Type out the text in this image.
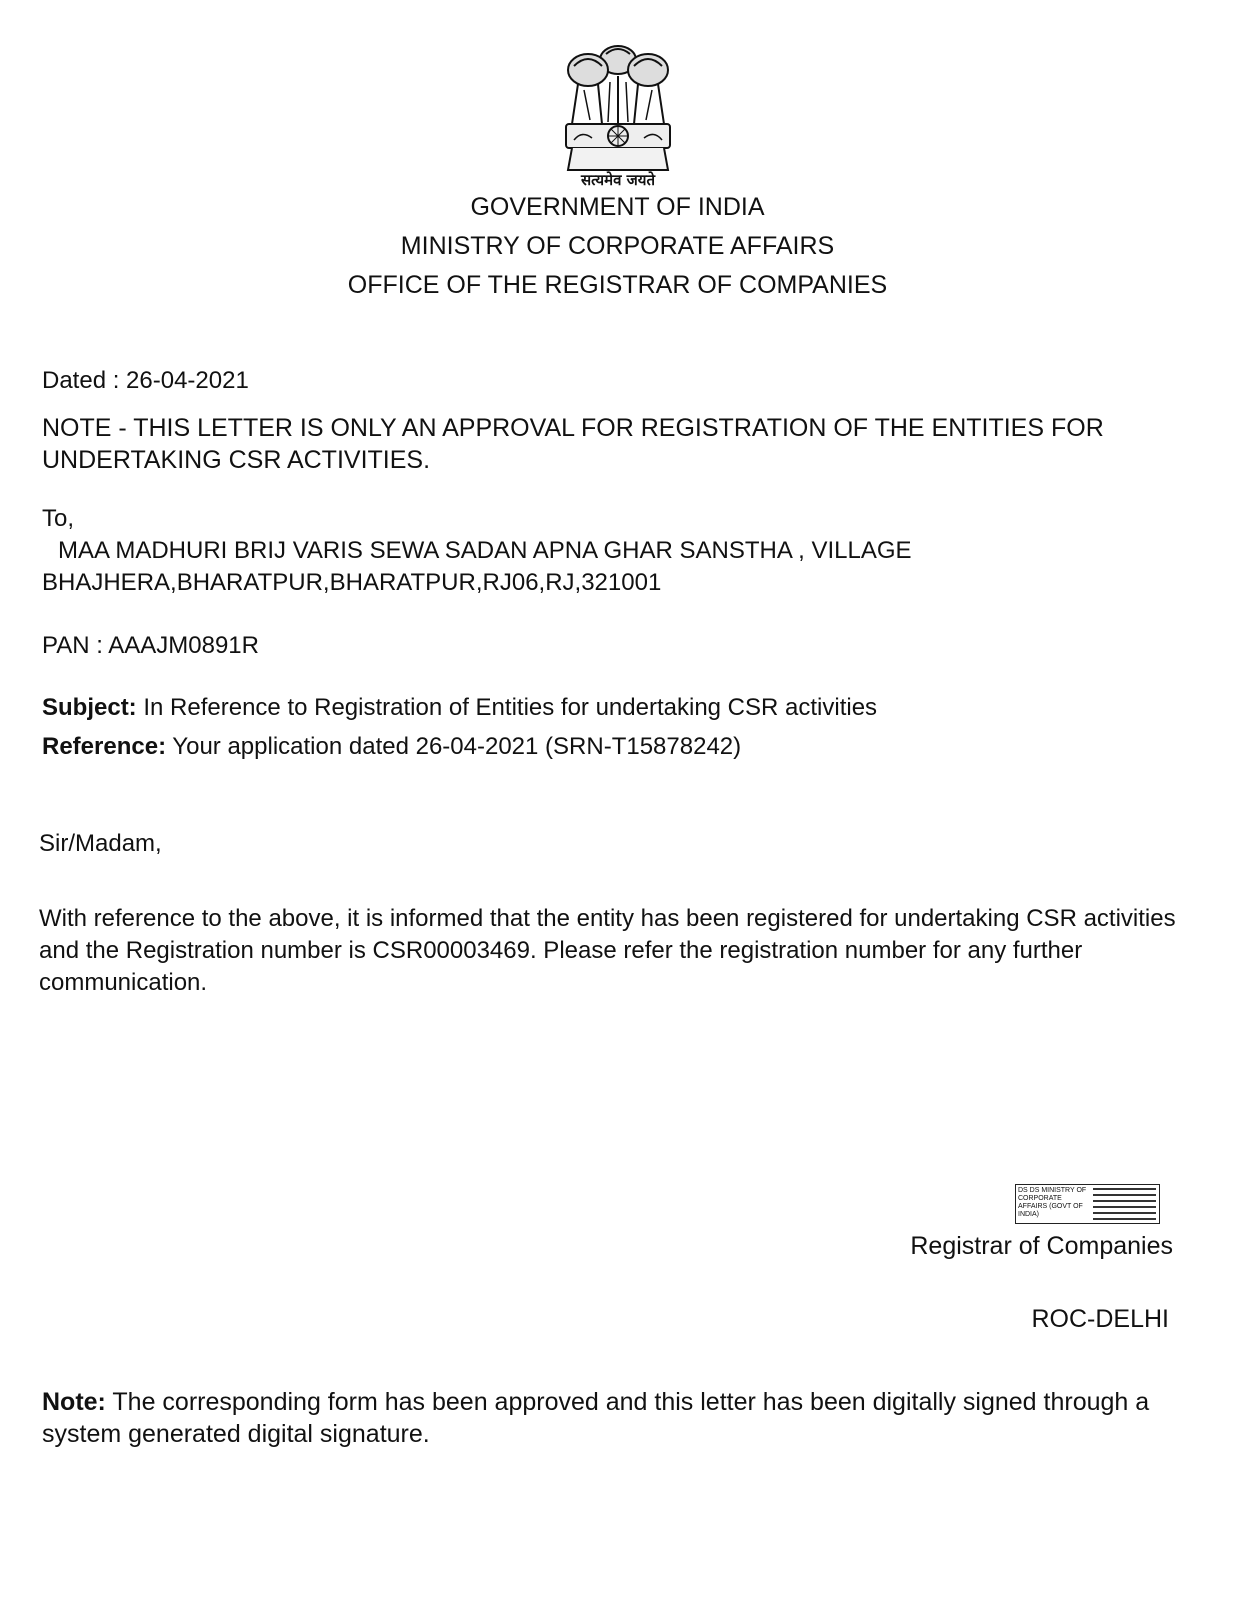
सत्यमेव जयते
GOVERNMENT OF INDIA
MINISTRY OF CORPORATE AFFAIRS
OFFICE OF THE REGISTRAR OF COMPANIES

Dated : 26-04-2021

NOTE - THIS LETTER IS ONLY AN APPROVAL FOR REGISTRATION OF THE ENTITIES FOR UNDERTAKING CSR ACTIVITIES.

To,

MAA MADHURI BRIJ VARIS SEWA SADAN APNA GHAR SANSTHA , VILLAGE
BHAJHERA,BHARATPUR,BHARATPUR,RJ06,RJ,321001

PAN : AAAJM0891R

Subject: In Reference to Registration of Entities for undertaking CSR activities

Reference: Your application dated 26-04-2021 (SRN-T15878242)

Sir/Madam,

With reference to the above, it is informed that the entity has been registered for undertaking CSR activities and the Registration number is CSR00003469. Please refer the registration number for any further communication.

DS DS MINISTRY OF CORPORATE AFFAIRS (GOVT OF INDIA)
Registrar of Companies
ROC-DELHI

Note: The corresponding form has been approved and this letter has been digitally signed through a system generated digital signature.
